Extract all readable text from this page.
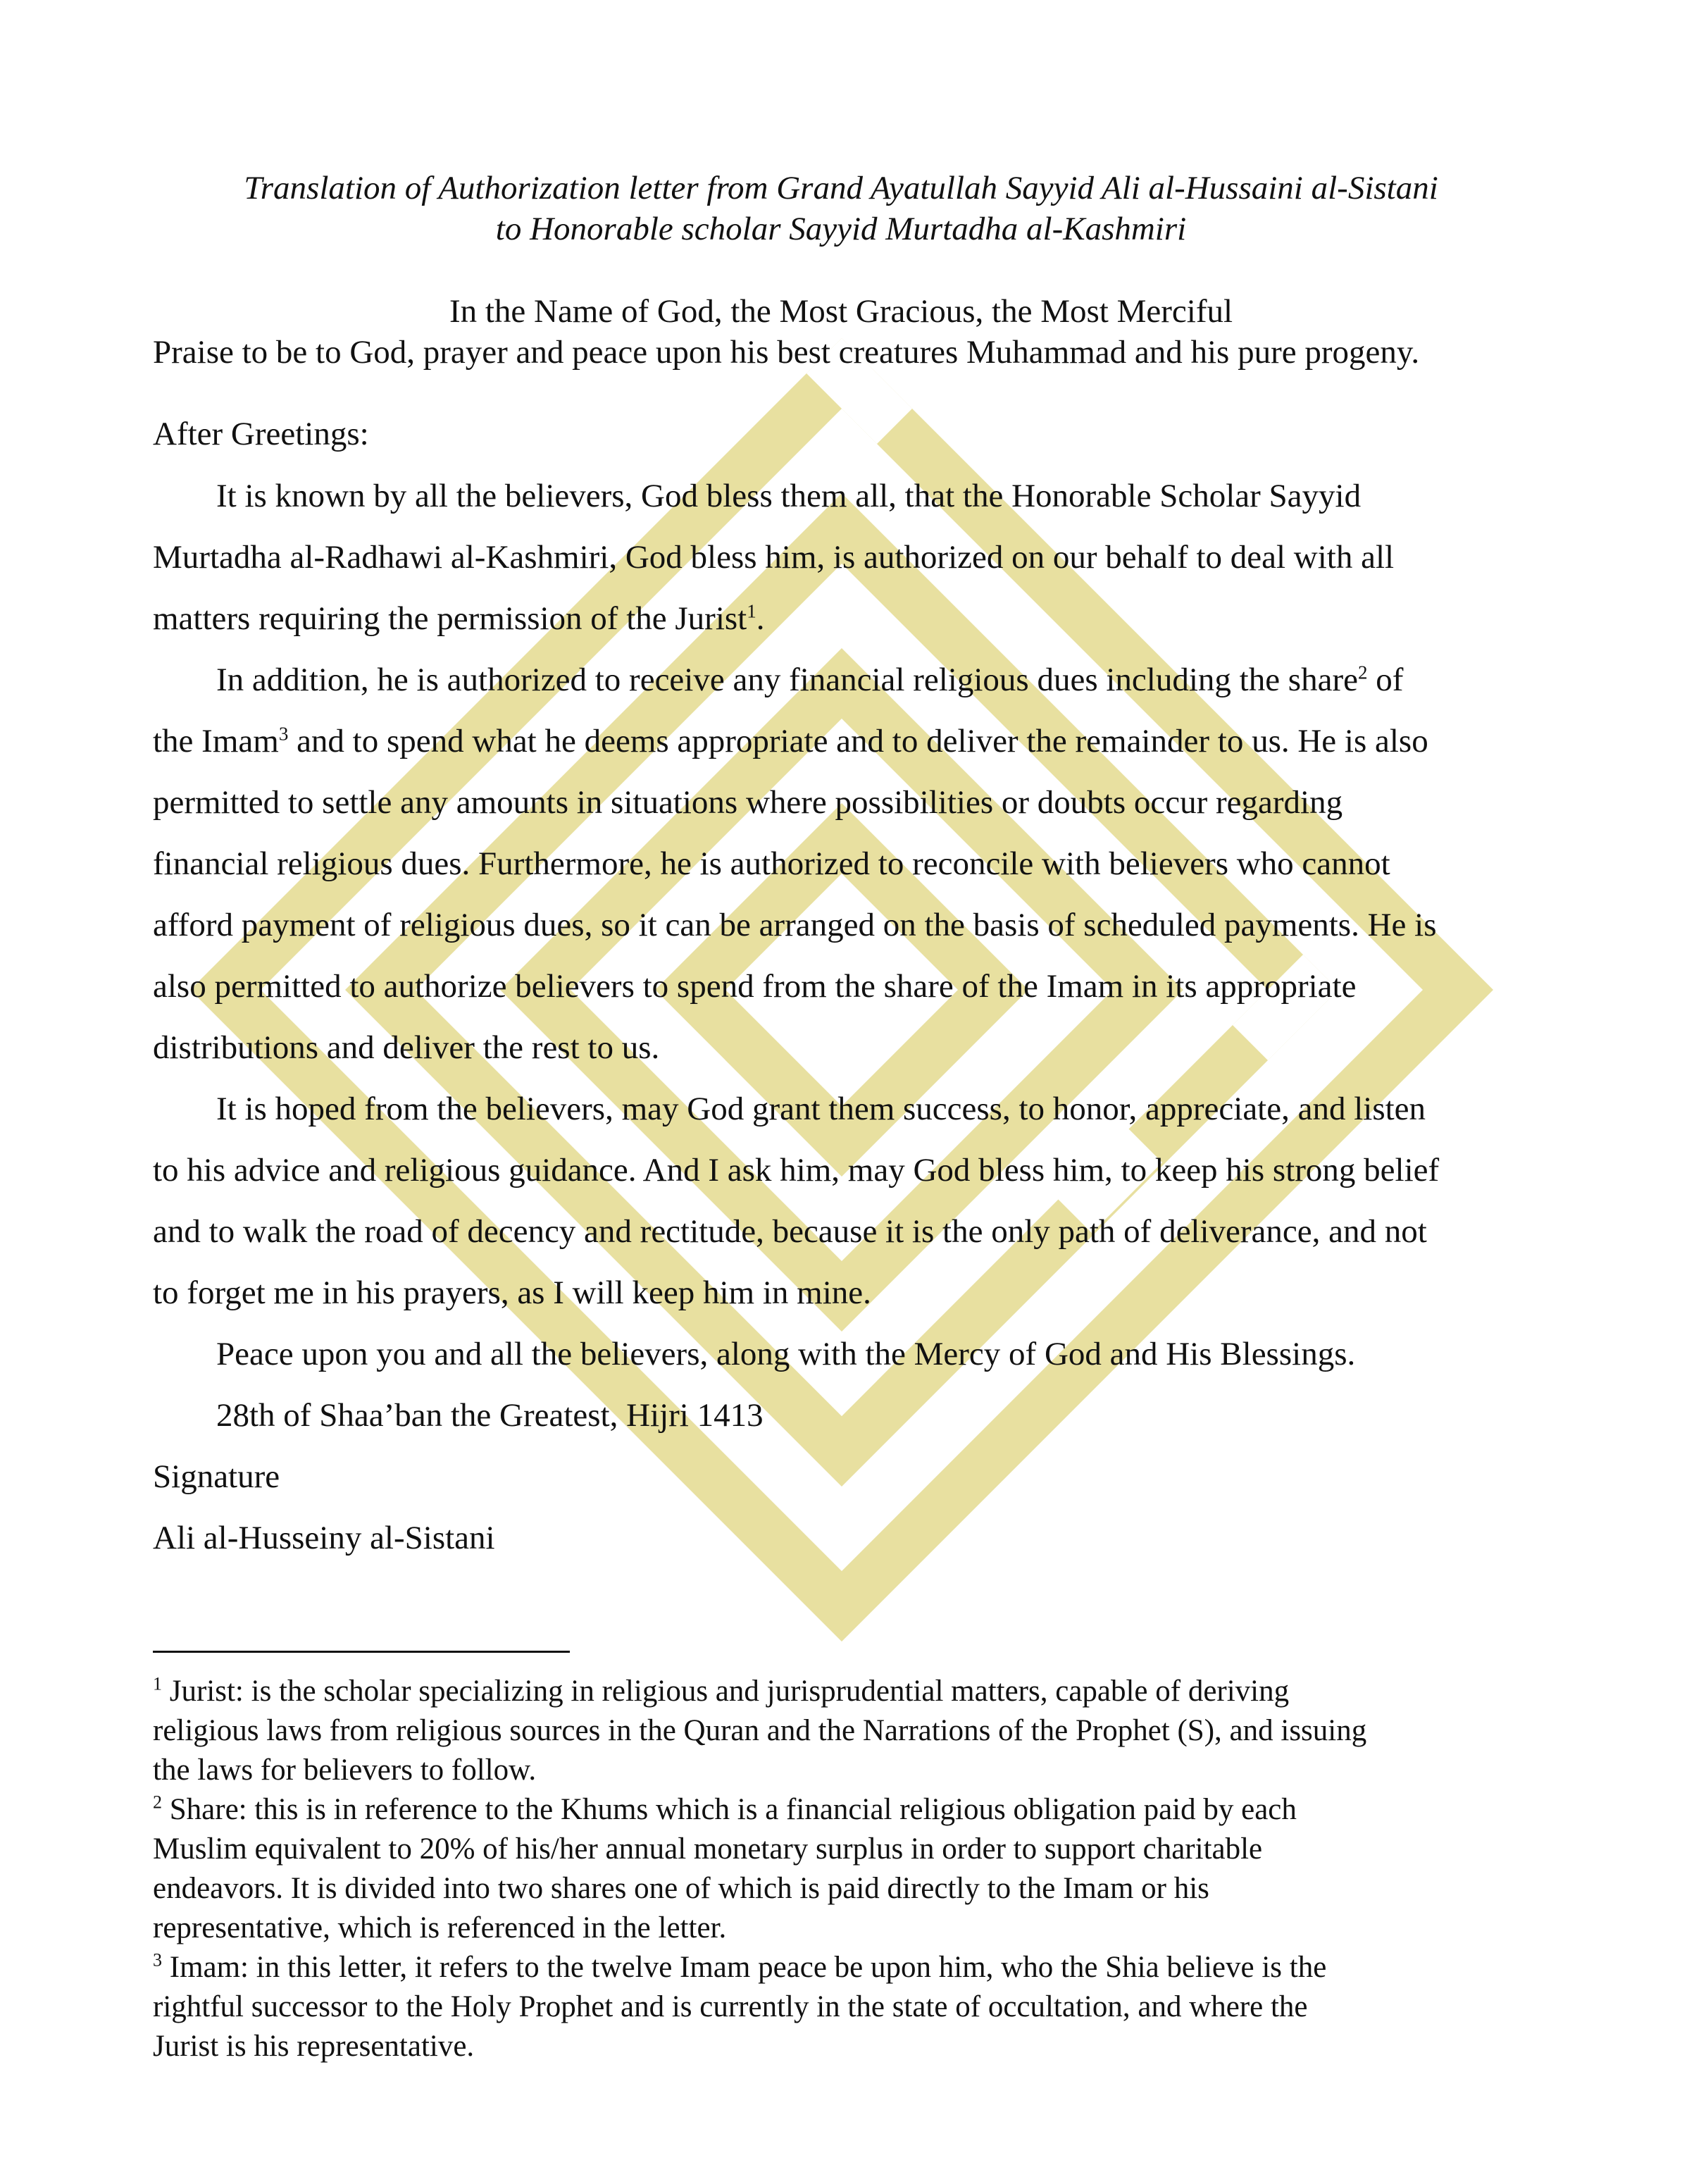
Translation of Authorization letter from Grand Ayatullah Sayyid Ali al-Hussaini al-Sistani
to Honorable scholar Sayyid Murtadha al-Kashmiri
In the Name of God, the Most Gracious, the Most Merciful
Praise to be to God, prayer and peace upon his best creatures Muhammad and his pure progeny.
After Greetings:
It is known by all the believers, God bless them all, that the Honorable Scholar Sayyid
Murtadha al-Radhawi al-Kashmiri, God bless him, is authorized on our behalf to deal with all
matters requiring the permission of the Jurist$^1$.
In addition, he is authorized to receive any financial religious dues including the share$^2$ of
the Imam$^3$ and to spend what he deems appropriate and to deliver the remainder to us. He is also
permitted to settle any amounts in situations where possibilities or doubts occur regarding
financial religious dues. Furthermore, he is authorized to reconcile with believers who cannot
afford payment of religious dues, so it can be arranged on the basis of scheduled payments. He is
also permitted to authorize believers to spend from the share of the Imam in its appropriate
distributions and deliver the rest to us.
It is hoped from the believers, may God grant them success, to honor, appreciate, and listen
to his advice and religious guidance. And I ask him, may God bless him, to keep his strong belief
and to walk the road of decency and rectitude, because it is the only path of deliverance, and not
to forget me in his prayers, as I will keep him in mine.
Peace upon you and all the believers, along with the Mercy of God and His Blessings.
28th of Shaa’ban the Greatest, Hijri 1413
Signature
Ali al-Husseiny al-Sistani
$^1$ Jurist: is the scholar specializing in religious and jurisprudential matters, capable of deriving
religious laws from religious sources in the Quran and the Narrations of the Prophet (S), and issuing
the laws for believers to follow.
$^2$ Share: this is in reference to the Khums which is a financial religious obligation paid by each
Muslim equivalent to 20% of his/her annual monetary surplus in order to support charitable
endeavors. It is divided into two shares one of which is paid directly to the Imam or his
representative, which is referenced in the letter.
$^3$ Imam: in this letter, it refers to the twelve Imam peace be upon him, who the Shia believe is the
rightful successor to the Holy Prophet and is currently in the state of occultation, and where the
Jurist is his representative.
